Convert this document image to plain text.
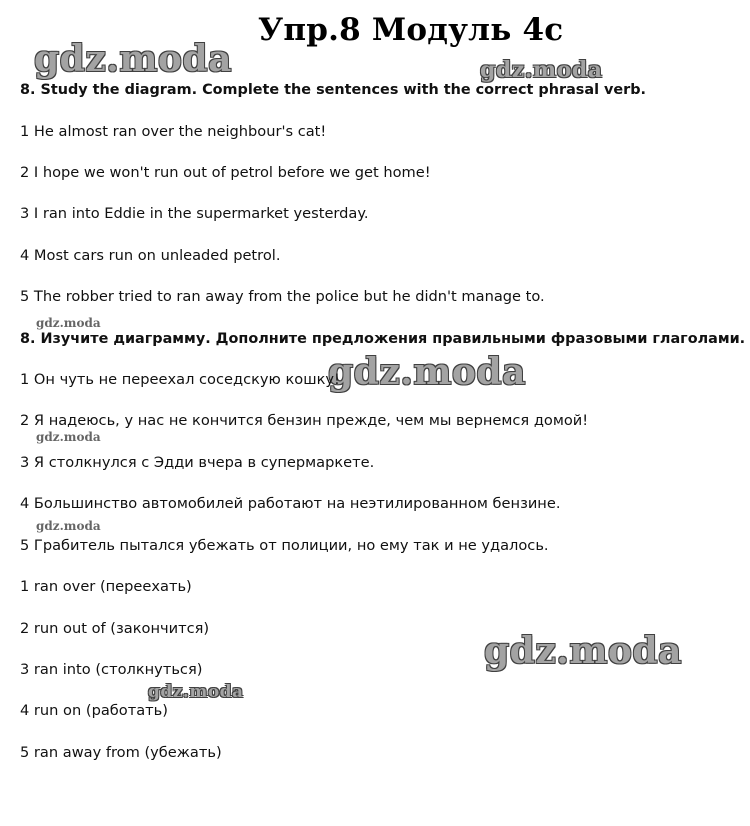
Упр.8 Модуль 4c
gdz.moda	gdz.moda
gdz.moda
gdz.moda
gdz.moda
gdz.moda
gdz.moda
gdz.moda
8. Study the diagram. Complete the sentences with the correct phrasal verb.
1 He almost ran over the neighbour's cat!
2 I hope we won't run out of petrol before we get home!
3 I ran into Eddie in the supermarket yesterday.
4 Most cars run on unleaded petrol.
5 The robber tried to ran away from the police but he didn't manage to.
8. Изучите диаграмму. Дополните предложения правильными фразовыми глаголами.
1 Он чуть не переехал соседскую кошку!
2 Я надеюсь, у нас не кончится бензин прежде, чем мы вернемся домой!
3 Я столкнулся с Эдди вчера в супермаркете.
4 Большинство автомобилей работают на неэтилированном бензине.
5 Грабитель пытался убежать от полиции, но ему так и не удалось.
1 ran over (переехать)
2 run out of (закончится)
3 ran into (столкнуться)
4 run on (работать)
5 ran away from (убежать)
